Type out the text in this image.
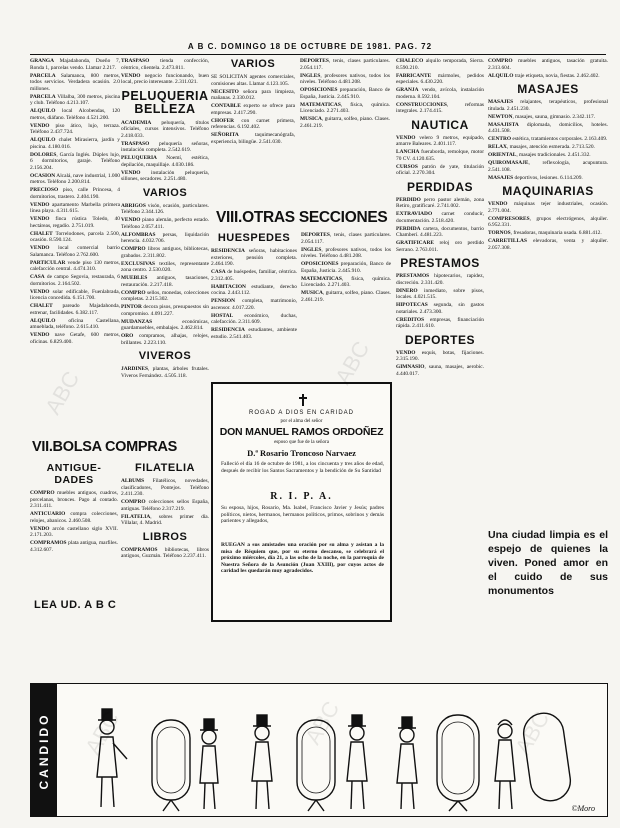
A B C. DOMINGO 18 DE OCTUBRE DE 1981. PAG. 72

GRANGA Majadahonda, Dueño 7, Ronda 1, parcelas vendo. Llamar 2.217.

PARCELA Salamanca, 800 metros, todos servicios. Verdadera ocasión. 2.0 millones.

PARCELA Villalba, 300 metros, piscina y club. Teléfono 4.213.107.

ALQUILO local Alcobendas, 120 metros, diáfano. Teléfono 4.521.200.

VENDO piso ático, lujo, terraza. Teléfono 2.437.724.

ALQUILO chalet Mirasierra, jardín y piscina. 4.180.016.

DOLORES, García Inglés. Dúplex lujo, 6 dormitorios, garaje. Teléfono 2.156.204.

OCASION Alcalá, nave industrial, 1.000 metros. Teléfono 2.200.814.

PRECIOSO piso, calle Princesa, 4 dormitorios, trastero. 2.404.190.

VENDO apartamento Marbella primera línea playa. 4.311.615.

VENDO finca rústica Toledo, 40 hectáreas, regadío. 2.751.019.

CHALET Torrelodones, parcela 2.500, ocasión. 8.590.124.

VENDO local comercial barrio Salamanca. Teléfono 2.762.600.

PARTICULAR vende piso 130 metros, calefacción central. 4.474.310.

CASA de campo Segovia, restaurada, 6 dormitorios. 2.164.502.

VENDO solar edificable, Fuenlabrada, licencia concedida. 6.151.700.

CHALET pareado Majadahonda, estrenar, facilidades. 6.382.117.

ALQUILO oficina Castellana, amueblada, teléfono. 2.615.410.

VENDO nave Getafe, 600 metros, oficinas. 6.829.400.

TRASPASO tienda confección, céntrico, clientela. 2.473.811.

VENDO negocio funcionando, buen local, precio interesante. 2.311.021.

PELUQUERIA BELLEZA

ACADEMIA peluquería, títulos oficiales, cursos intensivos. Teléfono 2.418.033.

TRASPASO peluquería señoras, instalación completa. 2.542.619.

PELUQUERIA Noemí, estética, depilación, maquillaje. 4.030.186.

VENDO instalación peluquería, sillones, secadores. 2.251.480.

VARIOS

ABRIGOS visón, ocasión, particulares. Teléfono 2.344.126.

VENDO piano alemán, perfecto estado. Teléfono 2.057.411.

ALFOMBRAS persas, liquidación herencia. 4.032.706.

COMPRO libros antiguos, bibliotecas, grabados. 2.311.802.

EXCLUSIVAS textiles, representante zona centro. 2.530.020.

MUEBLES antiguos, tasaciones, restauración. 2.217.418.

COMPRO sellos, monedas, colecciones completas. 2.215.302.

PINTOR decora pisos, presupuestos sin compromiso. 4.091.227.

MUDANZAS económicas, guardamuebles, embalajes. 2.462.814.

ORO compramos, alhajas, relojes, brillantes. 2.223.110.

VIVEROS

JARDINES, plantas, árboles frutales. Viveros Fernández. 4.505.118.

VARIOS

SE SOLICITAN agentes comerciales, comisiones altas. Llamar 4.123.105.

NECESITO señora para limpieza, mañanas. 2.330.012.

CONTABLE experto se ofrece para empresas. 2.417.290.

CHOFER con carnet primera, referencias. 6.192.402.

SEÑORITA taquimecanógrafa, experiencia, bilingüe. 2.541.030.

DEPORTES, tenis, clases particulares. 2.054.117.

INGLES, profesores nativos, todos los niveles. Teléfono 4.481.208.

OPOSICIONES preparación, Banco de España, Justicia. 2.445.910.

MATEMATICAS, física, química. Licenciado. 2.271.403.

MUSICA, guitarra, solfeo, piano. Clases. 2.461.219.

VIII.OTRAS SECCIONES
HUESPEDES

RESIDENCIA señoras, habitaciones exteriores, pensión completa. 2.464.190.

CASA de huéspedes, familiar, céntrica. 2.312.405.

HABITACION estudiante, derecho cocina. 2.443.112.

PENSION completa, matrimonio, ascensor. 4.017.220.

HOSTAL económico, duchas, calefacción. 2.311.609.

RESIDENCIA estudiantes, ambiente estudio. 2.541.403.

DEPORTES, tenis, clases particulares. 2.054.117.

INGLES, profesores nativos, todos los niveles. Teléfono 4.481.208.

OPOSICIONES preparación, Banco de España, Justicia. 2.445.910.

MATEMATICAS, física, química. Licenciado. 2.271.403.

MUSICA, guitarra, solfeo, piano. Clases. 2.461.219.

ROGAD A DIOS EN CARIDAD
por el alma del señor
DON MANUEL RAMOS ORDOÑEZ
esposo que fue de la señora
D.ª Rosario Troncoso Narvaez
Falleció el día 16 de octubre de 1981, a los cincuenta y tres años de edad, después de recibir los Santos Sacramentos y la bendición de Su Santidad
R. I. P. A.
Su esposa, hijos, Rosario, Ma. Isabel, Francisco Javier y Jesús; padres políticos, nietos, hermanos, hermanos políticos, primos, sobrinos y demás parientes y allegados,
RUEGAN a sus amistades una oración por su alma y asistan a la misa de Réquiem que, por su eterno descanso, se celebrará el próximo miércoles, día 21, a las ocho de la noche, en la parroquia de Nuestra Señora de la Asunción (Juan XXIII), por cuyos actos de caridad les quedarán muy agradecidos.

CHALECO alquilo temporada, Sierra. 8.590.210.

FABRICANTE mármoles, pedidos especiales. 6.430.220.

GRANJA vendo, avícola, instalación moderna. 8.592.104.

CONSTRUCCIONES, reformas integrales. 2.174.415.

NAUTICA

VENDO velero 9 metros, equipado, amarre Baleares. 2.401.117.

LANCHA fueraborda, remolque, motor 70 CV. 4.120.635.

CURSOS patrón de yate, titulación oficial. 2.270.304.

PERDIDAS

PERDIDO perro pastor alemán, zona Retiro, gratificaré. 2.741.002.

EXTRAVIADO carnet conducir, documentación. 2.518.420.

PERDIDA cartera, documentos, barrio Chamberí. 4.481.223.

GRATIFICARE reloj oro perdido Serrano. 2.763.011.

PRESTAMOS

PRESTAMOS hipotecarios, rapidez, discreción. 2.331.420.

DINERO inmediato, sobre pisos, locales. 4.021.515.

HIPOTECAS segunda, sin gastos notariales. 2.473.300.

CREDITOS empresas, financiación rápida. 2.411.610.

DEPORTES

VENDO esquís, botas, fijaciones. 2.315.190.

GIMNASIO, sauna, masajes, aerobic. 4.440.017.

COMPRO muebles antiguos, tasación gratuita. 2.313.604.

ALQUILO traje etiqueta, novia, fiestas. 2.462.402.

MASAJES

MASAJES relajantes, terapéuticos, profesional titulada. 2.451.230.

NEWTON, masajes, sauna, gimnasio. 2.342.117.

MASAJISTA diplomada, domicilios, hoteles. 4.431.508.

CENTRO estética, tratamientos corporales. 2.163.409.

RELAX, masajes, atención esmerada. 2.713.520.

ORIENTAL, masajes tradicionales. 2.451.332.

QUIROMASAJE, reflexología, acupuntura. 2.541.108.

MASAJES deportivos, lesiones. 6.114.209.

MAQUINARIAS

VENDO máquinas tejer industriales, ocasión. 2.771.004.

COMPRESORES, grupos electrógenos, alquiler. 6.952.331.

TORNOS, fresadoras, maquinaria usada. 6.881.412.

CARRETILLAS elevadoras, venta y alquiler. 2.057.308.

Una ciudad limpia es el espejo de quienes la viven. Poned amor en el cuido de sus monumentos
VII.BOLSA COMPRAS
ANTIGUE-DADES

COMPRO muebles antiguos, cuadros, porcelanas, bronces. Pago al contado. 2.311.411.

ANTICUARIO compra colecciones, relojes, abanicos. 2.460.508.

VENDO arcón castellano siglo XVII. 2.171.203.

COMPRAMOS plata antigua, marfiles. 4.312.607.

FILATELIA

ALBUMS Filatélicos, novedades, clasificadores, Pontejos. Teléfono 2.411.230.

COMPRO colecciones sellos España, antiguas. Teléfono 2.317.219.

FILATELIA, sobres primer día. Villalar, 4. Madrid.

LIBROS

COMPRAMOS bibliotecas, libros antiguos, Guzmán. Teléfono 2.237.411.

LEA UD. A B C
CANDIDO
©Moro
ABC
ABC
ABC	ABC	ABC
